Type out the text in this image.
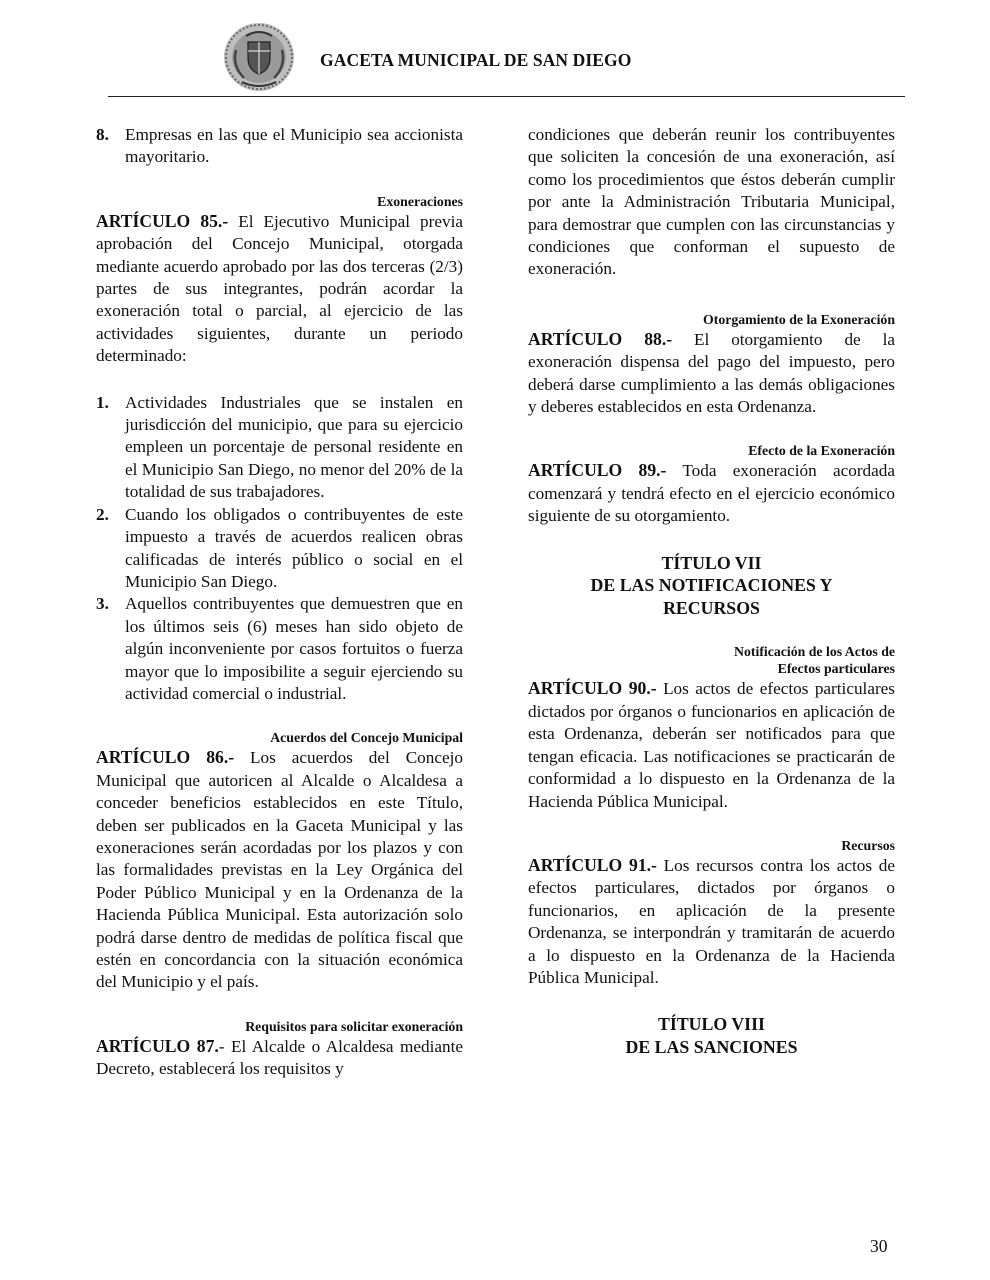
GACETA MUNICIPAL DE SAN DIEGO
8. Empresas en las que el Municipio sea accionista mayoritario.
Exoneraciones

ARTÍCULO 85.- El Ejecutivo Municipal previa aprobación del Concejo Municipal, otorgada mediante acuerdo aprobado por las dos terceras (2/3) partes de sus integrantes, podrán acordar la exoneración total o parcial, al ejercicio de las actividades siguientes, durante un periodo determinado:

1. Actividades Industriales que se instalen en jurisdicción del municipio, que para su ejercicio empleen un porcentaje de personal residente en el Municipio San Diego, no menor del 20% de la totalidad de sus trabajadores.
2. Cuando los obligados o contribuyentes de este impuesto a través de acuerdos realicen obras calificadas de interés público o social en el Municipio San Diego.
3. Aquellos contribuyentes que demuestren que en los últimos seis (6) meses han sido objeto de algún inconveniente por casos fortuitos o fuerza mayor que lo imposibilite a seguir ejerciendo su actividad comercial o industrial.
Acuerdos del Concejo Municipal

ARTÍCULO 86.- Los acuerdos del Concejo Municipal que autoricen al Alcalde o Alcaldesa a conceder beneficios establecidos en este Título, deben ser publicados en la Gaceta Municipal y las exoneraciones serán acordadas por los plazos y con las formalidades previstas en la Ley Orgánica del Poder Público Municipal y en la Ordenanza de la Hacienda Pública Municipal. Esta autorización solo podrá darse dentro de medidas de política fiscal que estén en concordancia con la situación económica del Municipio y el país.

Requisitos para solicitar exoneración

ARTÍCULO 87.- El Alcalde o Alcaldesa mediante Decreto, establecerá los requisitos y

condiciones que deberán reunir los contribuyentes que soliciten la concesión de una exoneración, así como los procedimientos que éstos deberán cumplir por ante la Administración Tributaria Municipal, para demostrar que cumplen con las circunstancias y condiciones que conforman el supuesto de exoneración.

Otorgamiento de la Exoneración

ARTÍCULO 88.- El otorgamiento de la exoneración dispensa del pago del impuesto, pero deberá darse cumplimiento a las demás obligaciones y deberes establecidos en esta Ordenanza.

Efecto de la Exoneración

ARTÍCULO 89.- Toda exoneración acordada comenzará y tendrá efecto en el ejercicio económico siguiente de su otorgamiento.

TÍTULO VII
DE LAS NOTIFICACIONES Y
RECURSOS
Notificación de los Actos de
Efectos particulares

ARTÍCULO 90.- Los actos de efectos particulares dictados por órganos o funcionarios en aplicación de esta Ordenanza, deberán ser notificados para que tengan eficacia. Las notificaciones se practicarán de conformidad a lo dispuesto en la Ordenanza de la Hacienda Pública Municipal.

Recursos

ARTÍCULO 91.- Los recursos contra los actos de efectos particulares, dictados por órganos o funcionarios, en aplicación de la presente Ordenanza, se interpondrán y tramitarán de acuerdo a lo dispuesto en la Ordenanza de la Hacienda Pública Municipal.

TÍTULO VIII
DE LAS SANCIONES
30
